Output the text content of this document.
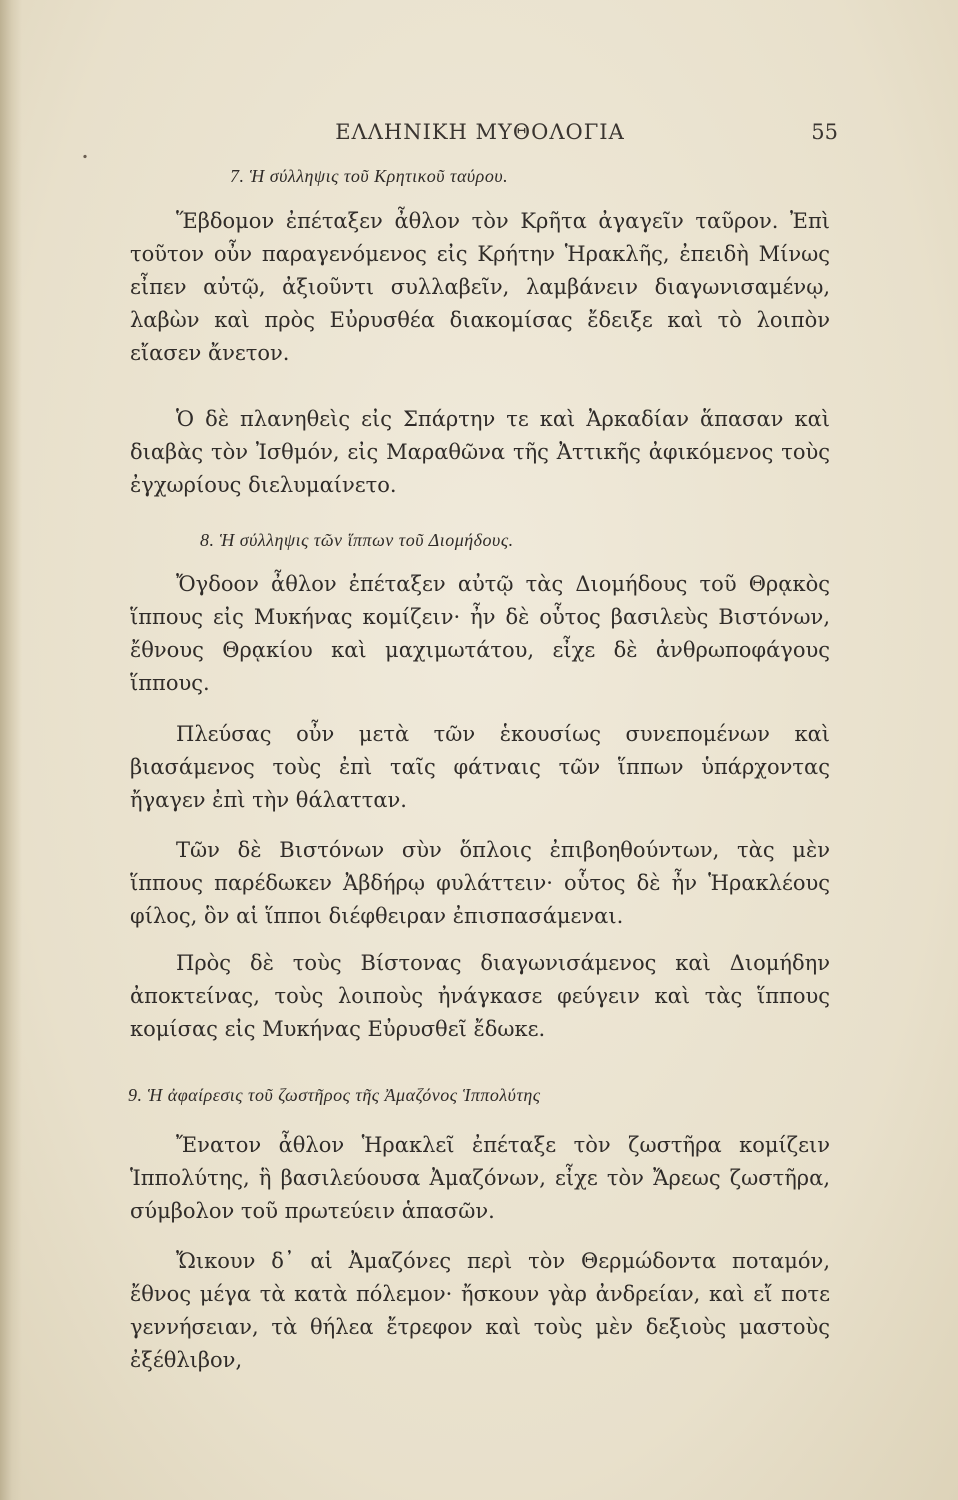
•
ΕΛΛΗΝΙΚΗ ΜΥΘΟΛΟΓΙΑ	55
7. Ἡ σύλληψις τοῦ Κρητικοῦ ταύρου.

Ἕβδομον ἐπέταξεν ἆθλον τὸν Κρῆτα ἀγαγεῖν ταῦρον. Ἐπὶ τοῦτον οὖν παραγενόμενος εἰς Κρήτην Ἡρακλῆς, ἐπειδὴ Μίνως εἶπεν αὐτῷ, ἀξιοῦντι συλλαβεῖν, λαμβάνειν διαγωνισαμένῳ, λαβὼν καὶ πρὸς Εὐρυσθέα διακομίσας ἔδειξε καὶ τὸ λοιπὸν εἴασεν ἄνετον.

Ὁ δὲ πλανηθεὶς εἰς Σπάρτην τε καὶ Ἀρκαδίαν ἅπασαν καὶ διαβὰς τὸν Ἰσθμόν, εἰς Μαραθῶνα τῆς Ἀττικῆς ἀφικόμενος τοὺς ἐγχωρίους διελυμαίνετο.

8. Ἡ σύλληψις τῶν ἵππων τοῦ Διομήδους.

Ὄγδοον ἆθλον ἐπέταξεν αὐτῷ τὰς Διομήδους τοῦ Θρᾳκὸς ἵππους εἰς Μυκήνας κομίζειν· ἦν δὲ οὗτος βασιλεὺς Βιστόνων, ἔθνους Θρᾳκίου καὶ μαχιμωτάτου, εἶχε δὲ ἀνθρωποφάγους ἵππους.

Πλεύσας οὖν μετὰ τῶν ἑκουσίως συνεπομένων καὶ βιασάμενος τοὺς ἐπὶ ταῖς φάτναις τῶν ἵππων ὑπάρχοντας ἤγαγεν ἐπὶ τὴν θάλατταν.

Τῶν δὲ Βιστόνων σὺν ὅπλοις ἐπιβοηθούντων, τὰς μὲν ἵππους παρέδωκεν Ἀβδήρῳ φυλάττειν· οὗτος δὲ ἦν Ἡρακλέους φίλος, ὃν αἱ ἵπποι διέφθειραν ἐπισπασάμεναι.

Πρὸς δὲ τοὺς Βίστονας διαγωνισάμενος καὶ Διομήδην ἀποκτείνας, τοὺς λοιποὺς ἠνάγκασε φεύγειν καὶ τὰς ἵππους κομίσας εἰς Μυκήνας Εὐρυσθεῖ ἔδωκε.

9. Ἡ ἀφαίρεσις τοῦ ζωστῆρος τῆς Ἀμαζόνος Ἱππολύτης

Ἔνατον ἆθλον Ἡρακλεῖ ἐπέταξε τὸν ζωστῆρα κομίζειν Ἱππολύτης, ἣ βασιλεύουσα Ἀμαζόνων, εἶχε τὸν Ἄρεως ζωστῆρα, σύμβολον τοῦ πρωτεύειν ἁπασῶν.

Ὤικουν δ᾿ αἱ Ἀμαζόνες περὶ τὸν Θερμώδοντα ποταμόν, ἔθνος μέγα τὰ κατὰ πόλεμον· ἤσκουν γὰρ ἀνδρείαν, καὶ εἴ ποτε γεννήσειαν, τὰ θήλεα ἔτρεφον καὶ τοὺς μὲν δεξιοὺς μαστοὺς ἐξέθλιβον,
